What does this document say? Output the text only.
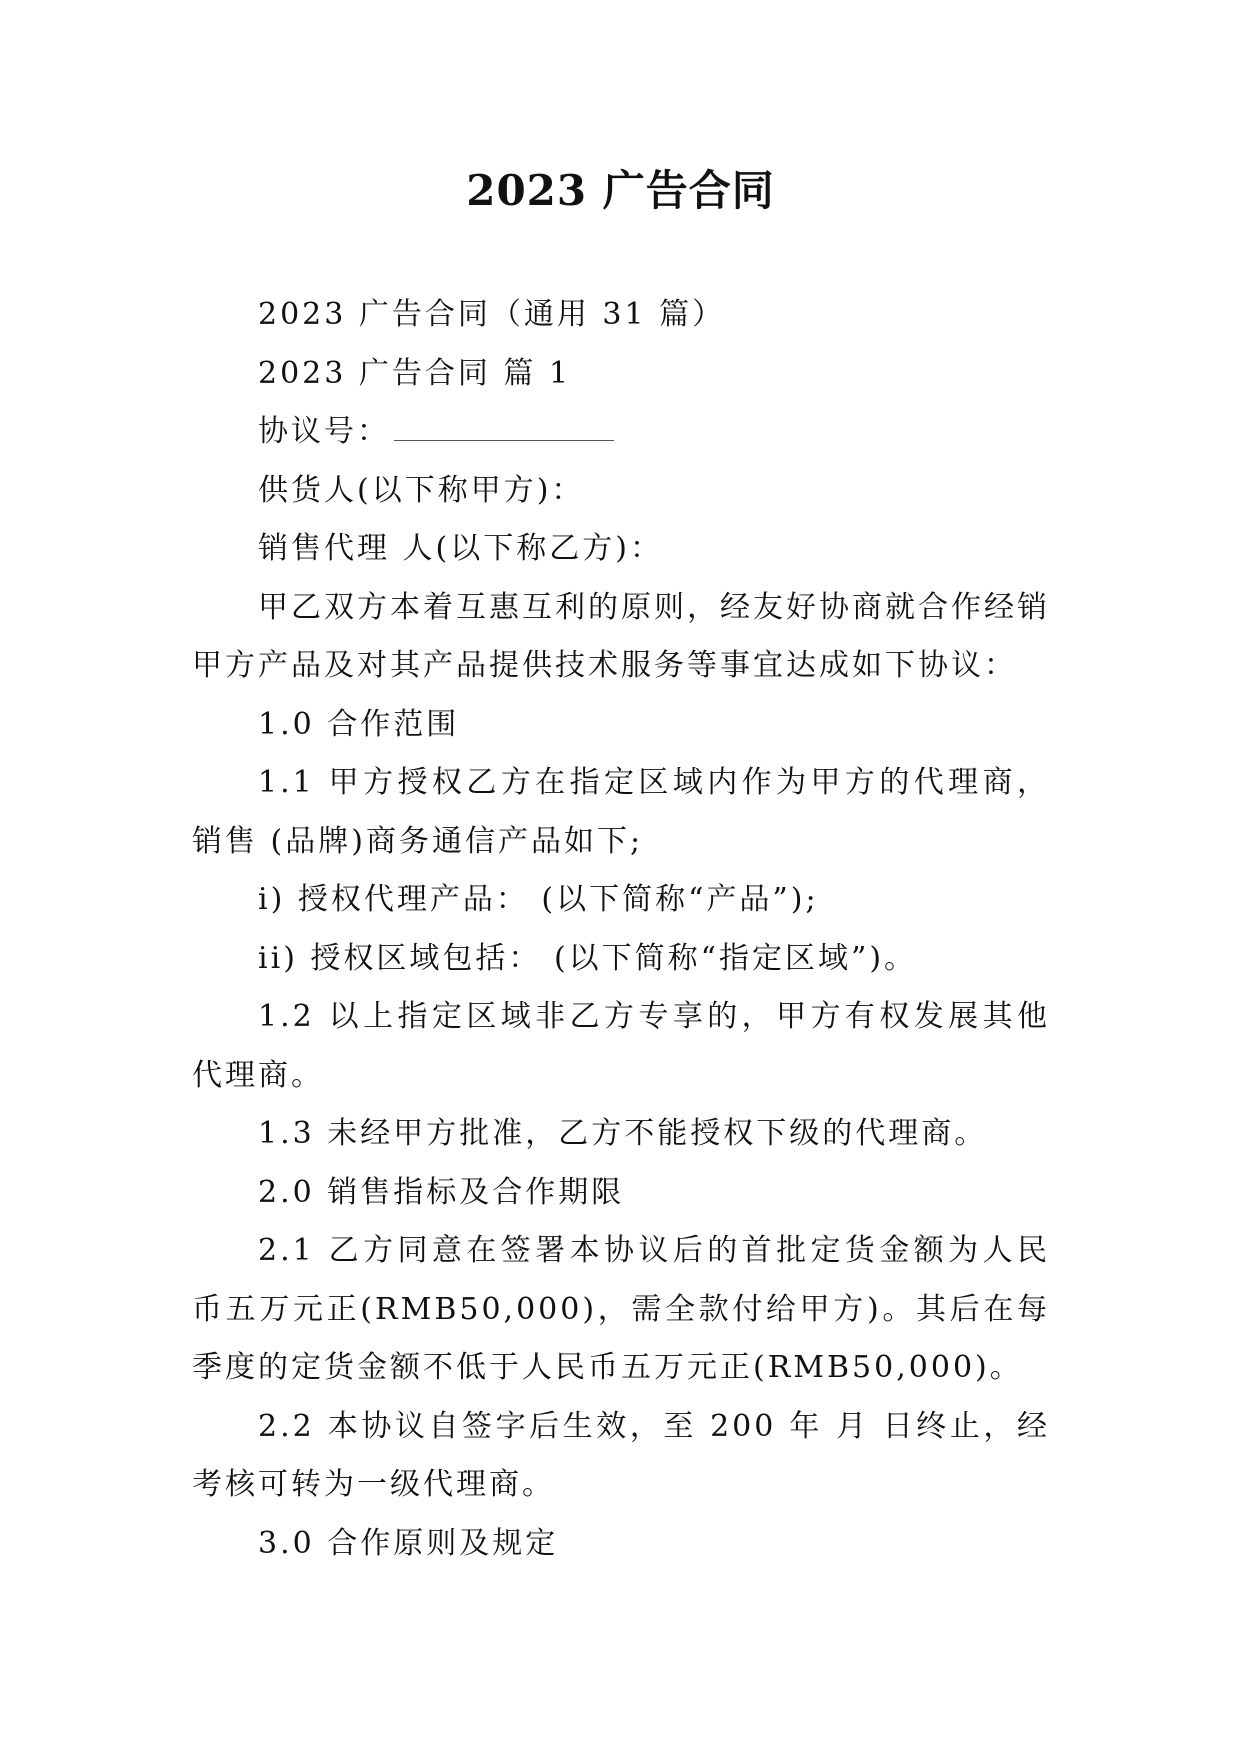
2023 广告合同

2023 广告合同（通用 31 篇）

2023 广告合同 篇 1

协议号：

供货人(以下称甲方)：

销售代理 人(以下称乙方)：

甲乙双方本着互惠互利的原则，经友好协商就合作经销甲方产品及对其产品提供技术服务等事宜达成如下协议：

1.0 合作范围

1.1 甲方授权乙方在指定区域内作为甲方的代理商，销售 (品牌)商务通信产品如下;

i) 授权代理产品： (以下简称“产品”);

ii) 授权区域包括： (以下简称“指定区域”)。

1.2 以上指定区域非乙方专享的，甲方有权发展其他代理商。

1.3 未经甲方批准，乙方不能授权下级的代理商。

2.0 销售指标及合作期限

2.1 乙方同意在签署本协议后的首批定货金额为人民币五万元正(RMB50,000)，需全款付给甲方)。其后在每季度的定货金额不低于人民币五万元正(RMB50,000)。

2.2 本协议自签字后生效，至 200 年 月 日终止，经考核可转为一级代理商。

3.0 合作原则及规定
